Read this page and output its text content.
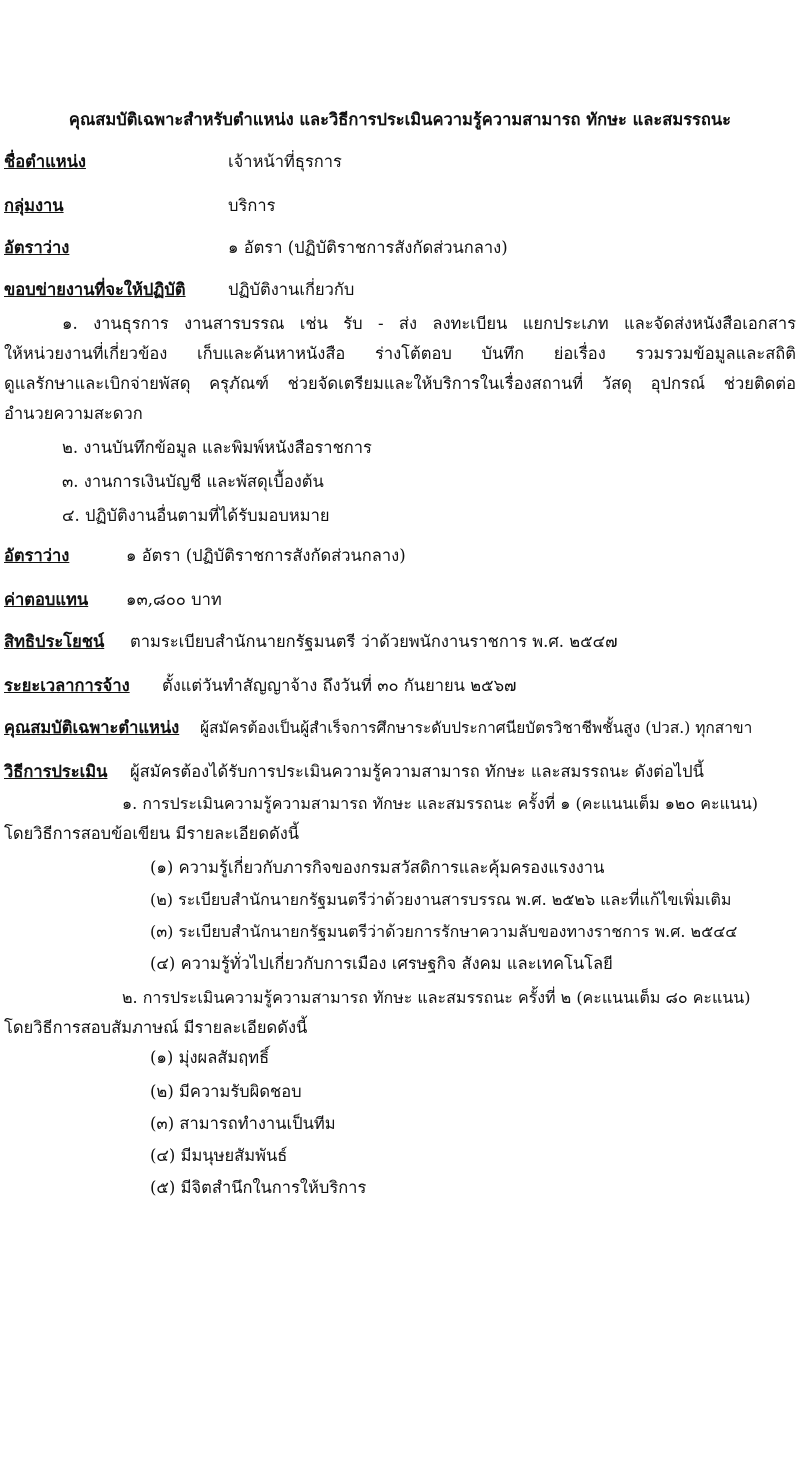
คุณสมบัติเฉพาะสำหรับตำแหน่ง และวิธีการประเมินความรู้ความสามารถ ทักษะ และสมรรถนะ
ชื่อตำแหน่ง	เจ้าหน้าที่ธุรการ
กลุ่มงาน	บริการ
อัตราว่าง	๑ อัตรา (ปฏิบัติราชการสังกัดส่วนกลาง)
ขอบข่ายงานที่จะให้ปฏิบัติ	ปฏิบัติงานเกี่ยวกับ
๑. งานธุรการ งานสารบรรณ เช่น รับ - ส่ง ลงทะเบียน แยกประเภท และจัดส่งหนังสือเอกสาร
ให้หน่วยงานที่เกี่ยวข้อง เก็บและค้นหาหนังสือ ร่างโต้ตอบ บันทึก ย่อเรื่อง รวมรวมข้อมูลและสถิติ
ดูแลรักษาและเบิกจ่ายพัสดุ ครุภัณฑ์ ช่วยจัดเตรียมและให้บริการในเรื่องสถานที่ วัสดุ อุปกรณ์ ช่วยติดต่อ
อำนวยความสะดวก
๒. งานบันทึกข้อมูล และพิมพ์หนังสือราชการ
๓. งานการเงินบัญชี และพัสดุเบื้องต้น
๔. ปฏิบัติงานอื่นตามที่ได้รับมอบหมาย
อัตราว่าง	๑ อัตรา (ปฏิบัติราชการสังกัดส่วนกลาง)
ค่าตอบแทน ๑๓,๘๐๐ บาท
สิทธิประโยชน์ ตามระเบียบสำนักนายกรัฐมนตรี ว่าด้วยพนักงานราชการ พ.ศ. ๒๕๔๗
ระยะเวลาการจ้าง ตั้งแต่วันทำสัญญาจ้าง ถึงวันที่ ๓๐ กันยายน ๒๕๖๗
คุณสมบัติเฉพาะตำแหน่ง ผู้สมัครต้องเป็นผู้สำเร็จการศึกษาระดับประกาศนียบัตรวิชาชีพชั้นสูง (ปวส.) ทุกสาขา
วิธีการประเมิน ผู้สมัครต้องได้รับการประเมินความรู้ความสามารถ ทักษะ และสมรรถนะ ดังต่อไปนี้
๑. การประเมินความรู้ความสามารถ ทักษะ และสมรรถนะ ครั้งที่ ๑ (คะแนนเต็ม ๑๒๐ คะแนน)
โดยวิธีการสอบข้อเขียน มีรายละเอียดดังนี้
(๑) ความรู้เกี่ยวกับภารกิจของกรมสวัสดิการและคุ้มครองแรงงาน
(๒) ระเบียบสำนักนายกรัฐมนตรีว่าด้วยงานสารบรรณ พ.ศ. ๒๕๒๖ และที่แก้ไขเพิ่มเติม
(๓) ระเบียบสำนักนายกรัฐมนตรีว่าด้วยการรักษาความลับของทางราชการ พ.ศ. ๒๕๔๔
(๔) ความรู้ทั่วไปเกี่ยวกับการเมือง เศรษฐกิจ สังคม และเทคโนโลยี
๒. การประเมินความรู้ความสามารถ ทักษะ และสมรรถนะ ครั้งที่ ๒ (คะแนนเต็ม ๘๐ คะแนน)
โดยวิธีการสอบสัมภาษณ์ มีรายละเอียดดังนี้
(๑) มุ่งผลสัมฤทธิ์
(๒) มีความรับผิดชอบ
(๓) สามารถทำงานเป็นทีม
(๔) มีมนุษยสัมพันธ์
(๕) มีจิตสำนึกในการให้บริการ
